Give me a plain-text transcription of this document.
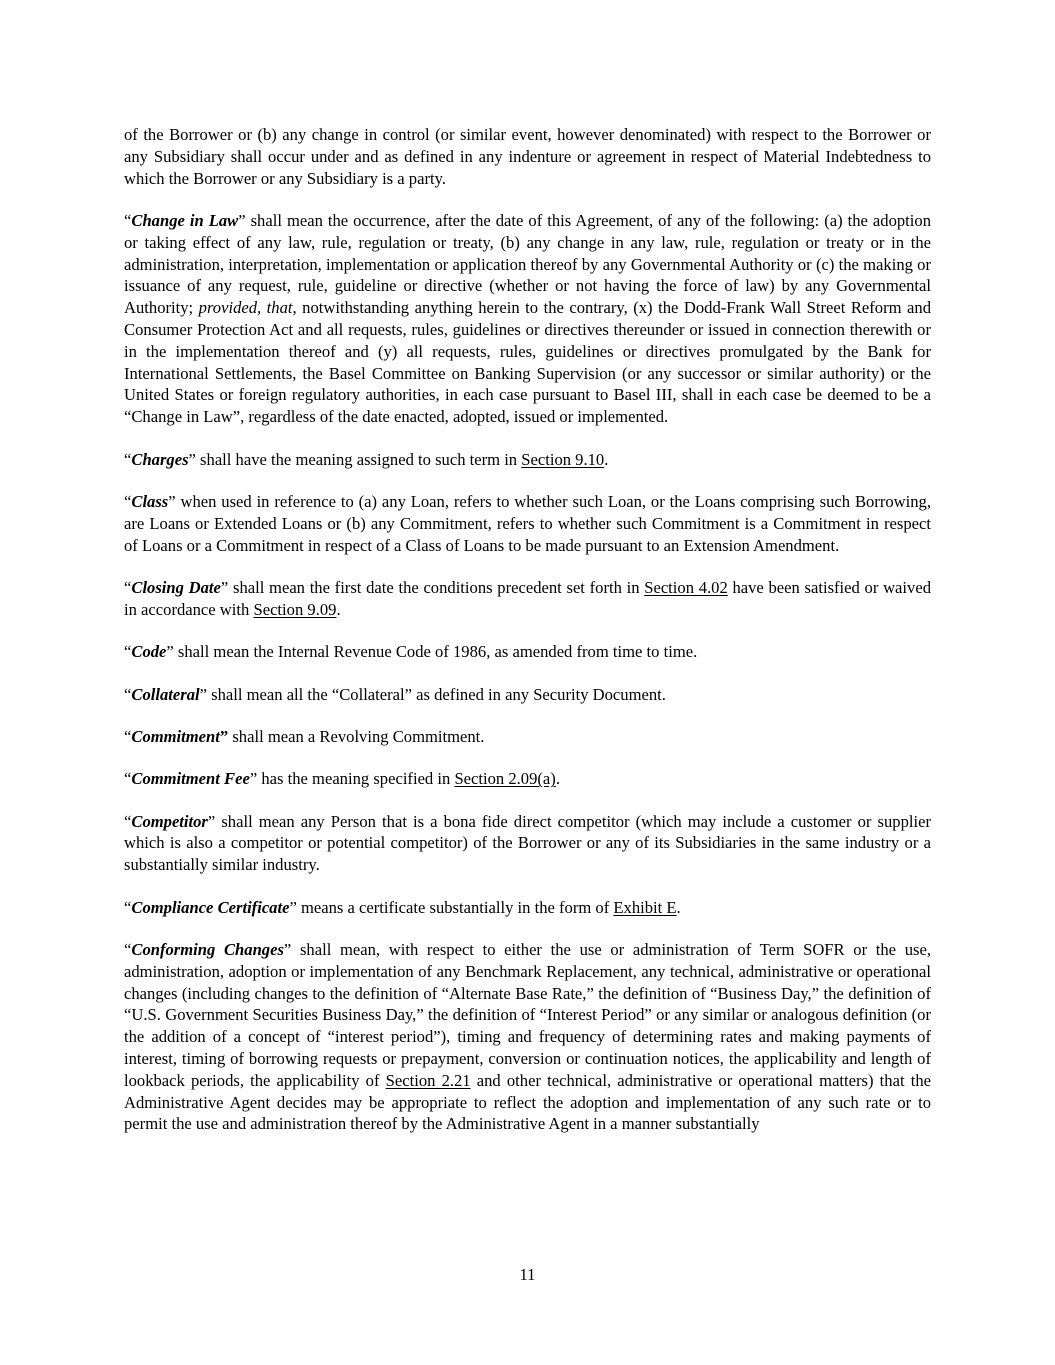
of the Borrower or (b) any change in control (or similar event, however denominated) with respect to the Borrower or any Subsidiary shall occur under and as defined in any indenture or agreement in respect of Material Indebtedness to which the Borrower or any Subsidiary is a party.

“Change in Law” shall mean the occurrence, after the date of this Agreement, of any of the following: (a) the adoption or taking effect of any law, rule, regulation or treaty, (b) any change in any law, rule, regulation or treaty or in the administration, interpretation, implementation or application thereof by any Governmental Authority or (c) the making or issuance of any request, rule, guideline or directive (whether or not having the force of law) by any Governmental Authority; provided, that, notwithstanding anything herein to the contrary, (x) the Dodd-Frank Wall Street Reform and Consumer Protection Act and all requests, rules, guidelines or directives thereunder or issued in connection therewith or in the implementation thereof and (y) all requests, rules, guidelines or directives promulgated by the Bank for International Settlements, the Basel Committee on Banking Supervision (or any successor or similar authority) or the United States or foreign regulatory authorities, in each case pursuant to Basel III, shall in each case be deemed to be a “Change in Law”, regardless of the date enacted, adopted, issued or implemented.

“Charges” shall have the meaning assigned to such term in Section 9.10.

“Class” when used in reference to (a) any Loan, refers to whether such Loan, or the Loans comprising such Borrowing, are Loans or Extended Loans or (b) any Commitment, refers to whether such Commitment is a Commitment in respect of Loans or a Commitment in respect of a Class of Loans to be made pursuant to an Extension Amendment.

“Closing Date” shall mean the first date the conditions precedent set forth in Section 4.02 have been satisfied or waived in accordance with Section 9.09.

“Code” shall mean the Internal Revenue Code of 1986, as amended from time to time.

“Collateral” shall mean all the “Collateral” as defined in any Security Document.

“Commitment” shall mean a Revolving Commitment.

“Commitment Fee” has the meaning specified in Section 2.09(a).

“Competitor” shall mean any Person that is a bona fide direct competitor (which may include a customer or supplier which is also a competitor or potential competitor) of the Borrower or any of its Subsidiaries in the same industry or a substantially similar industry.

“Compliance Certificate” means a certificate substantially in the form of Exhibit E.

“Conforming Changes” shall mean, with respect to either the use or administration of Term SOFR or the use, administration, adoption or implementation of any Benchmark Replacement, any technical, administrative or operational changes (including changes to the definition of “Alternate Base Rate,” the definition of “Business Day,” the definition of “U.S. Government Securities Business Day,” the definition of “Interest Period” or any similar or analogous definition (or the addition of a concept of “interest period”), timing and frequency of determining rates and making payments of interest, timing of borrowing requests or prepayment, conversion or continuation notices, the applicability and length of lookback periods, the applicability of Section 2.21 and other technical, administrative or operational matters) that the Administrative Agent decides may be appropriate to reflect the adoption and implementation of any such rate or to permit the use and administration thereof by the Administrative Agent in a manner substantially

11
